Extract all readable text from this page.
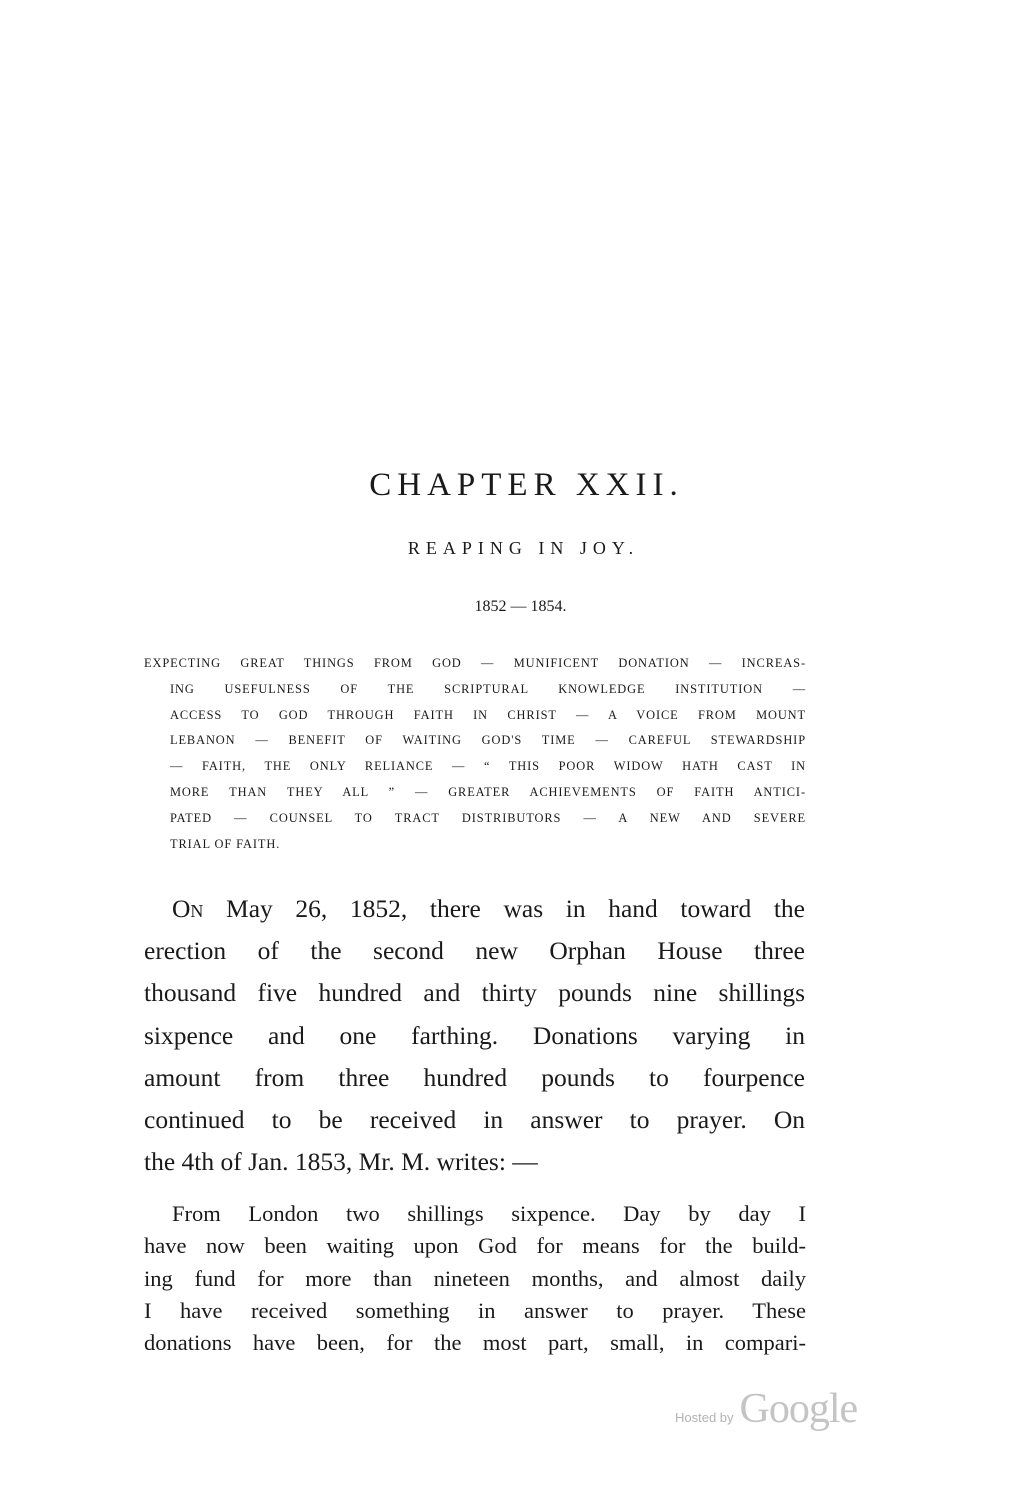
CHAPTER XXII.
REAPING IN JOY.

1852 — 1854.

EXPECTING GREAT THINGS FROM GOD — MUNIFICENT DONATION — INCREAS-
ING USEFULNESS OF THE SCRIPTURAL KNOWLEDGE INSTITUTION —
ACCESS TO GOD THROUGH FAITH IN CHRIST — A VOICE FROM MOUNT
LEBANON — BENEFIT OF WAITING GOD'S TIME — CAREFUL STEWARDSHIP
— FAITH, THE ONLY RELIANCE — “ THIS POOR WIDOW HATH CAST IN
MORE THAN THEY ALL ” — GREATER ACHIEVEMENTS OF FAITH ANTICI-
PATED — COUNSEL TO TRACT DISTRIBUTORS — A NEW AND SEVERE
TRIAL OF FAITH.
On May 26, 1852, there was in hand toward the
erection of the second new Orphan House three
thousand five hundred and thirty pounds nine shillings
sixpence and one farthing. Donations varying in
amount from three hundred pounds to fourpence
continued to be received in answer to prayer. On
the 4th of Jan. 1853, Mr. M. writes: —
From London two shillings sixpence. Day by day I
have now been waiting upon God for means for the build-
ing fund for more than nineteen months, and almost daily
I have received something in answer to prayer. These
donations have been, for the most part, small, in compari-
Hosted by Google
